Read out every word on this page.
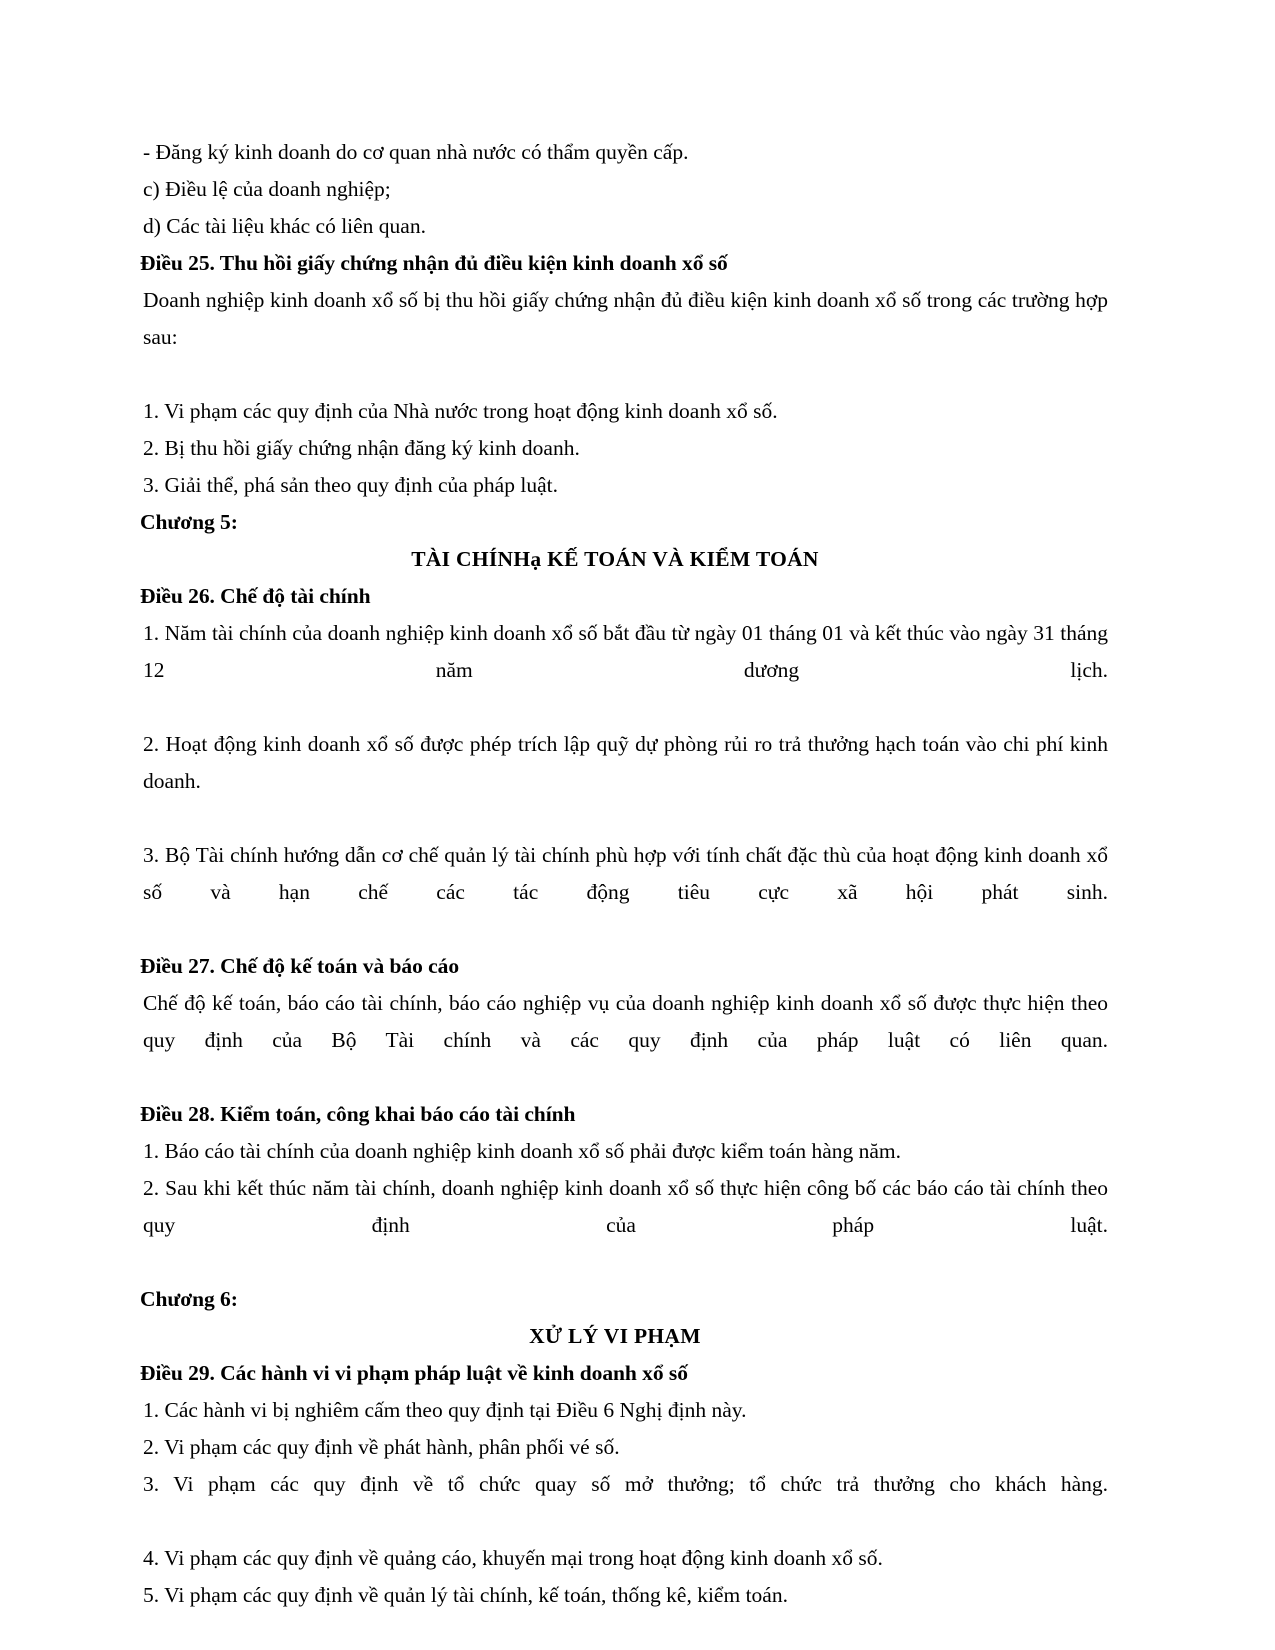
- Đăng ký kinh doanh do cơ quan nhà nước có thẩm quyền cấp.

c) Điều lệ của doanh nghiệp;

d) Các tài liệu khác có liên quan.

Điều 25. Thu hồi giấy chứng nhận đủ điều kiện kinh doanh xổ số

Doanh nghiệp kinh doanh xổ số bị thu hồi giấy chứng nhận đủ điều kiện kinh doanh xổ số trong các trường hợp sau:

1. Vi phạm các quy định của Nhà nước trong hoạt động kinh doanh xổ số.

2. Bị thu hồi giấy chứng nhận đăng ký kinh doanh.

3. Giải thể, phá sản theo quy định của pháp luật.

Chương 5:

TÀI CHÍNHạ KẾ TOÁN VÀ KIỂM TOÁN

Điều 26. Chế độ tài chính

1. Năm tài chính của doanh nghiệp kinh doanh xổ số bắt đầu từ ngày 01 tháng 01 và kết thúc vào ngày 31 tháng 12 năm dương lịch.

2. Hoạt động kinh doanh xổ số được phép trích lập quỹ dự phòng rủi ro trả thưởng hạch toán vào chi phí kinh doanh.

3. Bộ Tài chính hướng dẫn cơ chế quản lý tài chính phù hợp với tính chất đặc thù của hoạt động kinh doanh xổ số và hạn chế các tác động tiêu cực xã hội phát sinh.

Điều 27. Chế độ kế toán và báo cáo

Chế độ kế toán, báo cáo tài chính, báo cáo nghiệp vụ của doanh nghiệp kinh doanh xổ số được thực hiện theo quy định của Bộ Tài chính và các quy định của pháp luật có liên quan.

Điều 28. Kiểm toán, công khai báo cáo tài chính

1. Báo cáo tài chính của doanh nghiệp kinh doanh xổ số phải được kiểm toán hàng năm.

2. Sau khi kết thúc năm tài chính, doanh nghiệp kinh doanh xổ số thực hiện công bố các báo cáo tài chính theo quy định của pháp luật.

Chương 6:

XỬ LÝ VI PHẠM

Điều 29. Các hành vi vi phạm pháp luật về kinh doanh xổ số

1. Các hành vi bị nghiêm cấm theo quy định tại Điều 6 Nghị định này.

2. Vi phạm các quy định về phát hành, phân phối vé số.

3. Vi phạm các quy định về tổ chức quay số mở thưởng; tổ chức trả thưởng cho khách hàng.

4. Vi phạm các quy định về quảng cáo, khuyến mại trong hoạt động kinh doanh xổ số.

5. Vi phạm các quy định về quản lý tài chính, kế toán, thống kê, kiểm toán.
